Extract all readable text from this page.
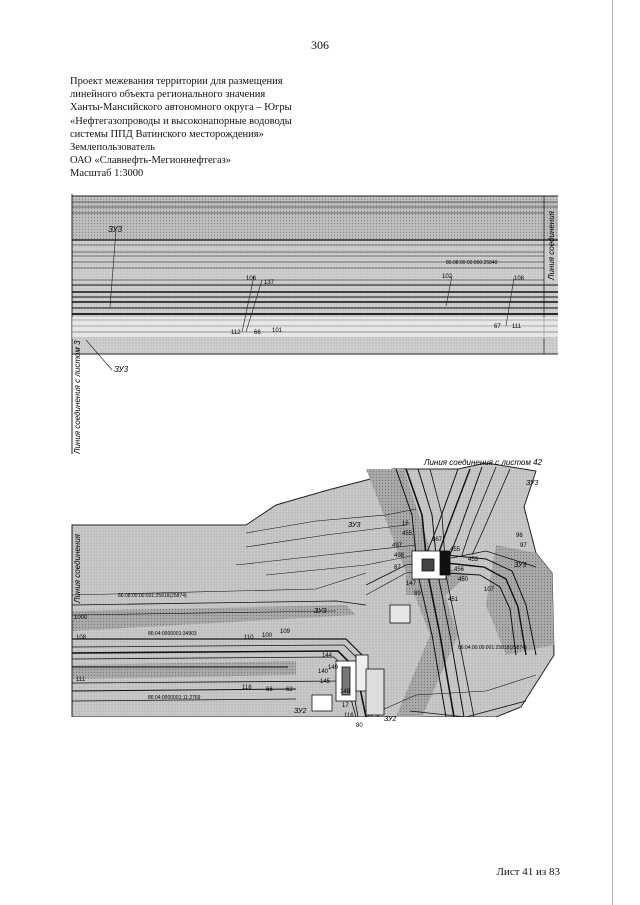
306
Проект межевания территории для размещения
линейного объекта регионального значения
Ханты-Мансийского автономного округа – Югры
«Нефтегазопроводы и высоконапорные водоводы
системы ППД Ватинского месторождения»
Землепользователь
ОАО «Славнефть-Мегионнефтегаз»
Масштаб 1:3000
ЗУ3
ЗУ3
86:08:00:00:000:25840
106
137
102	108
112 66 101
67 111
Линия соединения
Линия соединения с листом 3
Линия соединения с листом 42
ЗУ3
ЗУ3
ЗУ3
ЗУ3
ЗУ2
ЗУ2
86:08:00:00:001:25818(25874)
86:04:0000001:34903
86:04:0000001:11:2769
86:04:00:00:001:25818(25874)
1000
Линия соединения	96
97
455
456
450
451
453
455
497
498
16
108	110 100
109
144
149
118
148
145
140
62
66
111
87
17
116
80
89
107
147
167
Лист 41 из 83
